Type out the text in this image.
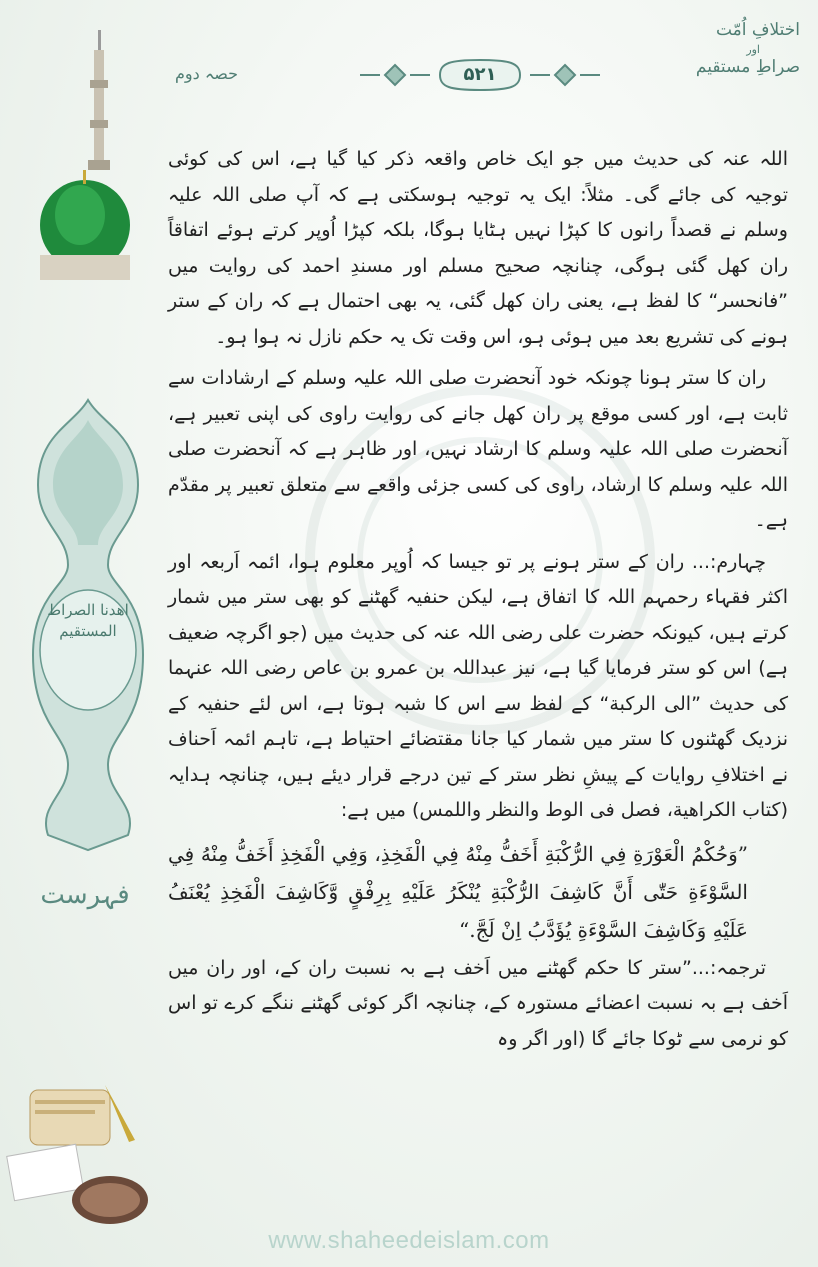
اهدنا الصراط المستقيم
فہرست
اختلافِ اُمّت
اور
صراطِ مستقیم
۵۲۱
حصہ دوم

اللہ عنہ کی حدیث میں جو ایک خاص واقعہ ذکر کیا گیا ہے، اس کی کوئی توجیہ کی جائے گی۔ مثلاً: ایک یہ توجیہ ہوسکتی ہے کہ آپ صلی اللہ علیہ وسلم نے قصداً رانوں کا کپڑا نہیں ہٹایا ہوگا، بلکہ کپڑا اُوپر کرتے ہوئے اتفاقاً ران کھل گئی ہوگی، چنانچہ صحیح مسلم اور مسندِ احمد کی روایت میں ”فانحسر“ کا لفظ ہے، یعنی ران کھل گئی، یہ بھی احتمال ہے کہ ران کے ستر ہونے کی تشریع بعد میں ہوئی ہو، اس وقت تک یہ حکم نازل نہ ہوا ہو۔

ران کا ستر ہونا چونکہ خود آنحضرت صلی اللہ علیہ وسلم کے ارشادات سے ثابت ہے، اور کسی موقع پر ران کھل جانے کی روایت راوی کی اپنی تعبیر ہے، آنحضرت صلی اللہ علیہ وسلم کا ارشاد نہیں، اور ظاہر ہے کہ آنحضرت صلی اللہ علیہ وسلم کا ارشاد، راوی کی کسی جزئی واقعے سے متعلق تعبیر پر مقدّم ہے۔

چہارم:... ران کے ستر ہونے پر تو جیسا کہ اُوپر معلوم ہوا، ائمہ اَربعہ اور اکثر فقہاء رحمہم اللہ کا اتفاق ہے، لیکن حنفیہ گھٹنے کو بھی ستر میں شمار کرتے ہیں، کیونکہ حضرت علی رضی اللہ عنہ کی حدیث میں (جو اگرچہ ضعیف ہے) اس کو ستر فرمایا گیا ہے، نیز عبداللہ بن عمرو بن عاص رضی اللہ عنہما کی حدیث ”الی الرکبة“ کے لفظ سے اس کا شبہ ہوتا ہے، اس لئے حنفیہ کے نزدیک گھٹنوں کا ستر میں شمار کیا جانا مقتضائے احتیاط ہے، تاہم ائمہ اَحناف نے اختلافِ روایات کے پیشِ نظر ستر کے تین درجے قرار دیئے ہیں، چنانچہ ہدایہ (کتاب الکراهية، فصل فی الوط والنظر واللمس) میں ہے:

”وَحُكْمُ الْعَوْرَةِ فِي الرُّكْبَةِ أَخَفُّ مِنْهُ فِي الْفَخِذِ، وَفِي الْفَخِذِ أَخَفُّ مِنْهُ فِي السَّوْءَةِ حَتّٰى أَنَّ كَاشِفَ الرُّكْبَةِ يُنْكَرُ عَلَيْهِ بِرِفْقٍ وَّكَاشِفَ الْفَخِذِ يُعْنَفُ عَلَيْهِ وَكَاشِفَ السَّوْءَةِ يُؤَدَّبُ اِنْ لَجَّ.“

ترجمہ:...”ستر کا حکم گھٹنے میں اَخف ہے بہ نسبت ران کے، اور ران میں اَخف ہے بہ نسبت اعضائے مستورہ کے، چنانچہ اگر کوئی گھٹنے ننگے کرے تو اس کو نرمی سے ٹوکا جائے گا (اور اگر وہ

www.shaheedeislam.com
